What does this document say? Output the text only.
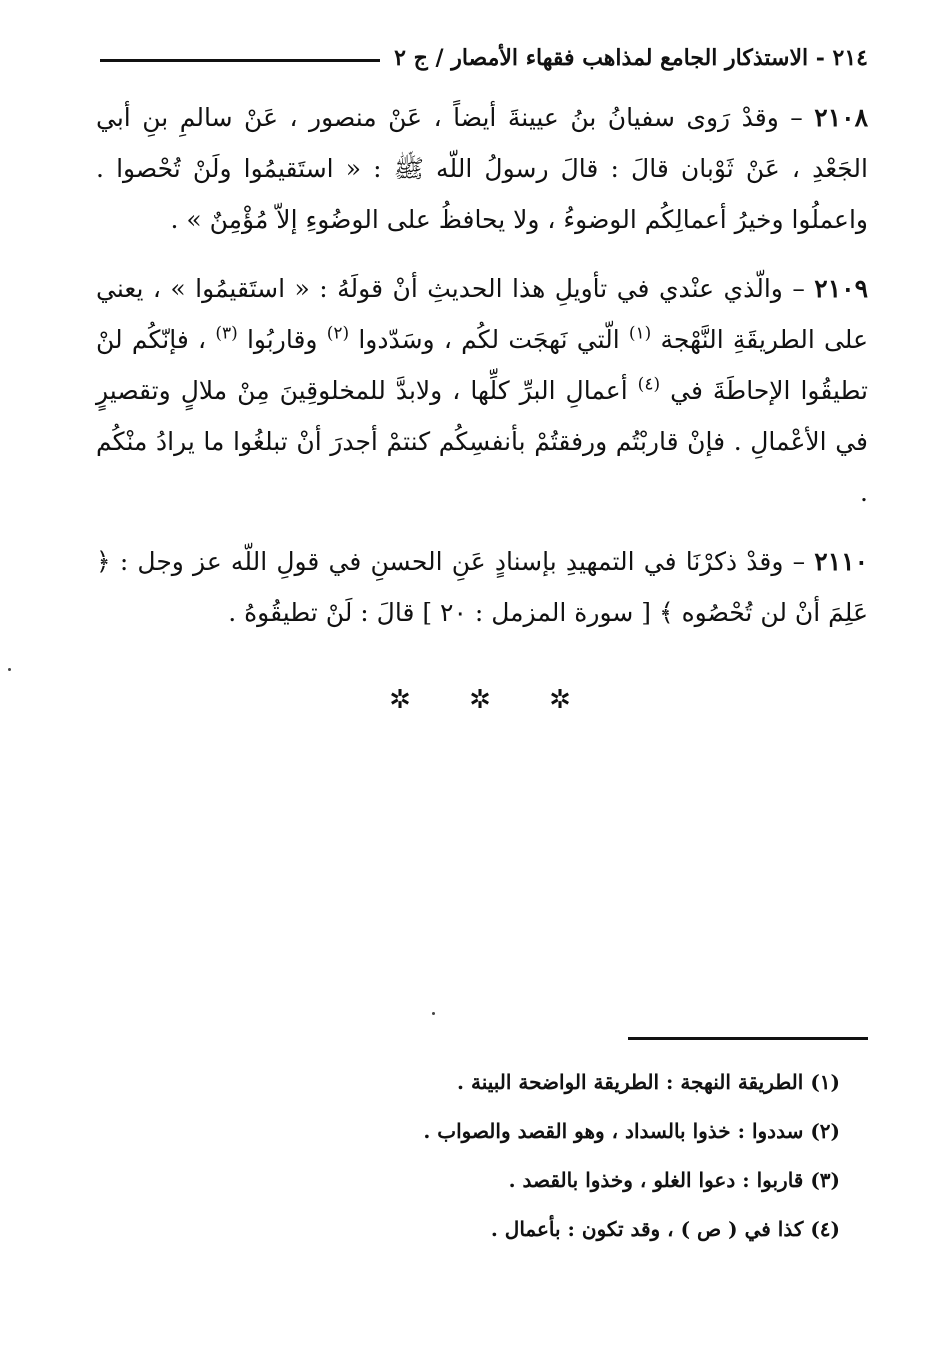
٢١٤ - الاستذكار الجامع لمذاهب فقهاء الأمصار / ج ٢

٢١٠٨ – وقدْ رَوى سفيانُ بنُ عيينةَ أيضاً ، عَنْ منصور ، عَنْ سالمِ بنِ أبي الجَعْدِ ، عَنْ ثَوْبان قالَ : قالَ رسولُ اللّه ﷺ : « استَقيمُوا ولَنْ تُحْصوا . واعملُوا وخيرُ أعمالِكُم الوضوءُ ، ولا يحافظُ على الوضُوءِ إلاّ مُؤْمِنٌ » .

٢١٠٩ – والّذي عنْدي في تأويلِ هذا الحديثِ أنْ قولَهُ : « استَقيمُوا » ، يعني على الطريقَةِ النَّهْجة $^{(١)}$ الّتي نَهجَت لكُم ، وسَدّدوا $^{(٢)}$ وقاربُوا $^{(٣)}$ ، فإنّكُم لنْ تطيقُوا الإحاطَةَ في $^{(٤)}$ أعمالِ البرِّ كلِّها ، ولابدَّ للمخلوقِينَ مِنْ ملالٍ وتقصيرٍ في الأعْمالِ . فإنْ قاربْتُم ورفقتُمْ بأنفسِكُم كنتمْ أجدرَ أنْ تبلغُوا ما يرادُ منْكُم .

٢١١٠ – وقدْ ذكرْنَا في التمهيدِ بإسنادٍ عَنِ الحسنِ في قولِ اللّه عز وجل : ﴿ عَلِمَ أنْ لن تُحْصُوه ﴾ [ سورة المزمل : ٢٠ ] قالَ : لَنْ تطيقُوهُ .

✲	✲	✲
(١) الطريقة النهجة : الطريقة الواضحة البينة .
(٢) سددوا : خذوا بالسداد ، وهو القصد والصواب .
(٣) قاربوا : دعوا الغلو ، وخذوا بالقصد .
(٤) كذا في ( ص ) ، وقد تكون : بأعمال .
